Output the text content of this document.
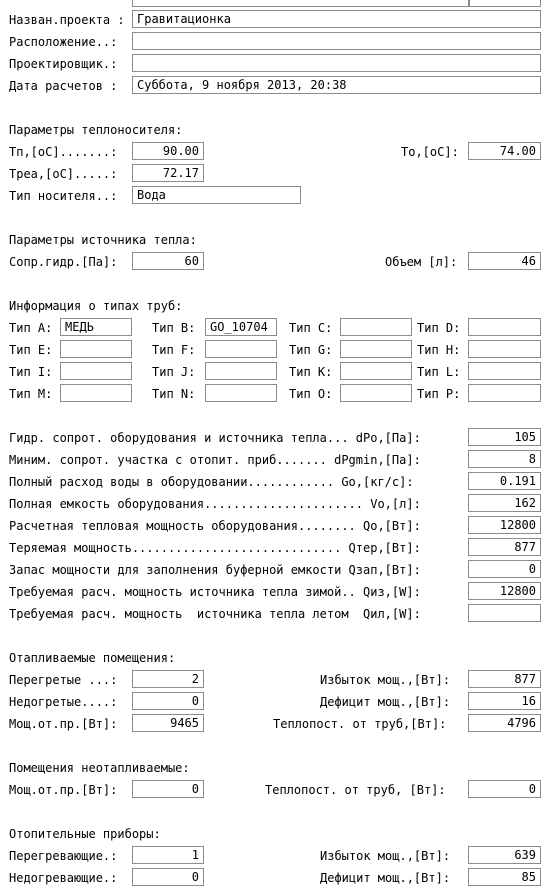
Назван.проекта :	Гравитационка
Расположение..:
Проектировщик.:
Дата расчетов :	Суббота, 9 ноября 2013, 20:38
Параметры теплоносителя:
Тп,[oC].......:	90.00	To,[oC]:	74.00
Треа,[oC].....:	72.17
Тип носителя..:	Вода
Параметры источника тепла:
Сопр.гидр.[Па]:	60	Объем [л]:	46
Информация о типах труб:
Тип A:	МЕДЬ	Тип B:	GO_10704	Тип C:	Тип D:
Тип E:	Тип F:	Тип G:	Тип H:
Тип I:	Тип J:	Тип K:	Тип L:
Тип M:	Тип N:	Тип O:	Тип P:
Гидр. сопрот. оборудования и источника тепла... dPo,[Па]:	105
Миним. сопрот. участка с отопит. приб....... dPgmin,[Па]:	8
Полный расход воды в оборудовании............ Go,[кг/c]:	0.191
Полная емкость оборудования...................... Vo,[л]:	162
Расчетная тепловая мощность оборудования........ Qo,[Вт]:	12800
Теряемая мощность............................. Qтер,[Вт]:	877
Запас мощности для заполнения буферной емкости Qзап,[Вт]:	0
Требуемая расч. мощность источника тепла зимой.. Qиз,[W]:	12800
Требуемая расч. мощность  источника тепла летом  Qил,[W]:
Отапливаемые помещения:
Перегретые ...:	2	Избыток мощ.,[Вт]:	877
Недогретые....:	0	Дефицит мощ.,[Вт]:	16
Мощ.от.пр.[Вт]:	9465	Теплопост. от труб,[Вт]:	4796
Помещения неотапливаемые:
Мощ.от.пр.[Вт]:	0	Теплопост. от труб, [Вт]:	0
Отопительные приборы:
Перегревающие.:	1	Избыток мощ.,[Вт]:	639
Недогревающие.:	0	Дефицит мощ.,[Вт]:	85
